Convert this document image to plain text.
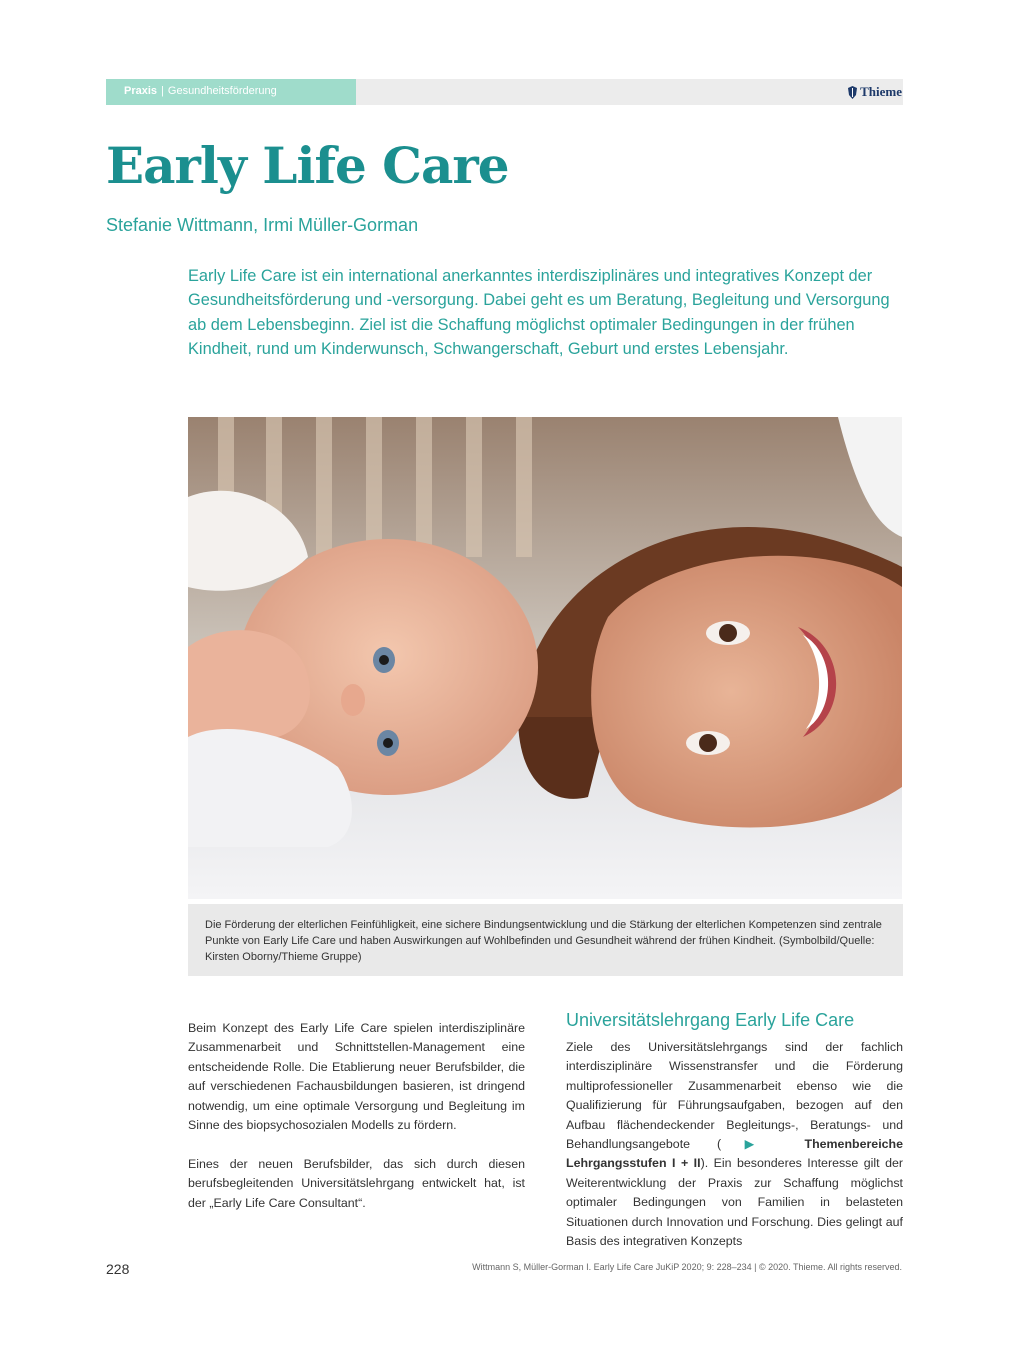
Praxis | Gesundheitsförderung	Thieme
Early Life Care
Stefanie Wittmann, Irmi Müller-Gorman
Early Life Care ist ein international anerkanntes interdisziplinäres und integratives Konzept der Gesundheitsförderung und -versorgung. Dabei geht es um Beratung, Begleitung und Versorgung ab dem Lebensbeginn. Ziel ist die Schaffung möglichst optimaler Bedingungen in der frühen Kindheit, rund um Kinderwunsch, Schwangerschaft, Geburt und erstes Lebensjahr.
Die Förderung der elterlichen Feinfühligkeit, eine sichere Bindungsentwicklung und die Stärkung der elterlichen Kompetenzen sind zentrale Punkte von Early Life Care und haben Auswirkungen auf Wohlbefinden und Gesundheit während der frühen Kindheit. (Symbolbild/Quelle: Kirsten Oborny/Thieme Gruppe)

Beim Konzept des Early Life Care spielen interdisziplinäre Zusammenarbeit und Schnittstellen-Management eine entscheidende Rolle. Die Etablierung neuer Berufsbilder, die auf verschiedenen Fachausbildungen basieren, ist dringend notwendig, um eine optimale Versorgung und Begleitung im Sinne des biopsychosozialen Modells zu fördern.

Eines der neuen Berufsbilder, das sich durch diesen berufsbegleitenden Universitätslehrgang entwickelt hat, ist der „Early Life Care Consultant“.

Universitätslehrgang Early Life Care

Ziele des Universitätslehrgangs sind der fachlich interdisziplinäre Wissenstransfer und die Förderung multiprofessioneller Zusammenarbeit ebenso wie die Qualifizierung für Führungsaufgaben, bezogen auf den Aufbau flächendeckender Begleitungs-, Beratungs- und Behandlungsangebote (▶ Themenbereiche Lehrgangsstufen I + II). Ein besonderes Interesse gilt der Weiterentwicklung der Praxis zur Schaffung möglichst optimaler Bedingungen von Familien in belasteten Situationen durch Innovation und Forschung. Dies gelingt auf Basis des integrativen Konzepts

228	Wittmann S, Müller-Gorman I. Early Life Care JuKiP 2020; 9: 228–234 | © 2020. Thieme. All rights reserved.
